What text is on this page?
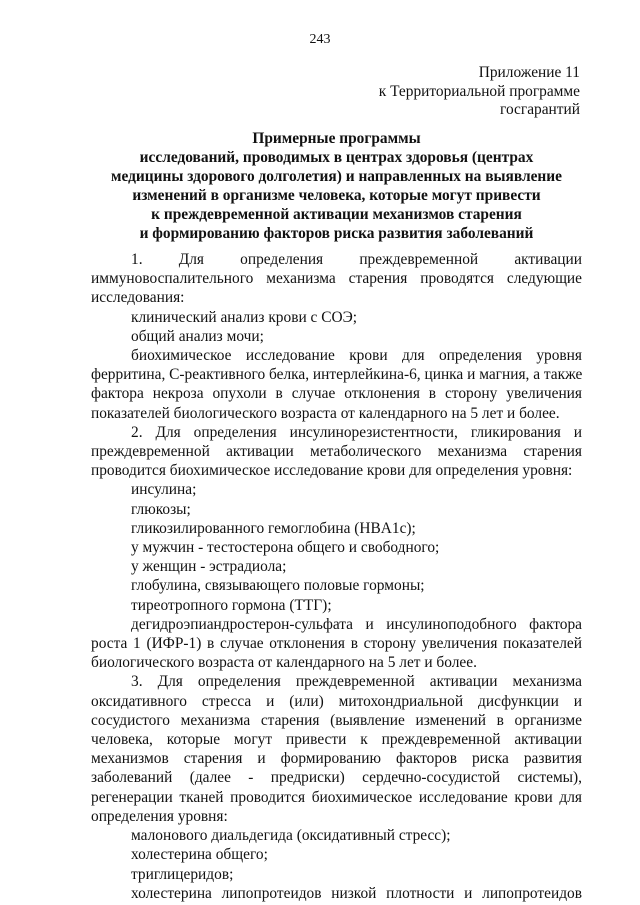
243
Приложение 11
к Территориальной программе
госгарантий
Примерные программы
исследований, проводимых в центрах здоровья (центрах
медицины здорового долголетия) и направленных на выявление
изменений в организме человека, которые могут привести
к преждевременной активации механизмов старения
и формированию факторов риска развития заболеваний
1. Для определения преждевременной активации
иммуновоспалительного механизма старения проводятся следующие
исследования:
клинический анализ крови с СОЭ;
общий анализ мочи;
биохимическое исследование крови для определения уровня
ферритина, С-реактивного белка, интерлейкина-6, цинка и магния, а также
фактора некроза опухоли в случае отклонения в сторону увеличения
показателей биологического возраста от календарного на 5 лет и более.
2. Для определения инсулинорезистентности, гликирования и
преждевременной активации метаболического механизма старения
проводится биохимическое исследование крови для определения уровня:
инсулина;
глюкозы;
гликозилированного гемоглобина (HBA1c);
у мужчин - тестостерона общего и свободного;
у женщин - эстрадиола;
глобулина, связывающего половые гормоны;
тиреотропного гормона (ТТГ);
дегидроэпиандростерон-сульфата и инсулиноподобного фактора
роста 1 (ИФР-1) в случае отклонения в сторону увеличения показателей
биологического возраста от календарного на 5 лет и более.
3. Для определения преждевременной активации механизма
оксидативного стресса и (или) митохондриальной дисфункции и
сосудистого механизма старения (выявление изменений в организме
человека, которые могут привести к преждевременной активации
механизмов старения и формированию факторов риска развития
заболеваний (далее - предриски) сердечно-сосудистой системы),
регенерации тканей проводится биохимическое исследование крови для
определения уровня:
малонового диальдегида (оксидативный стресс);
холестерина общего;
триглицеридов;
холестерина липопротеидов низкой плотности и липопротеидов
